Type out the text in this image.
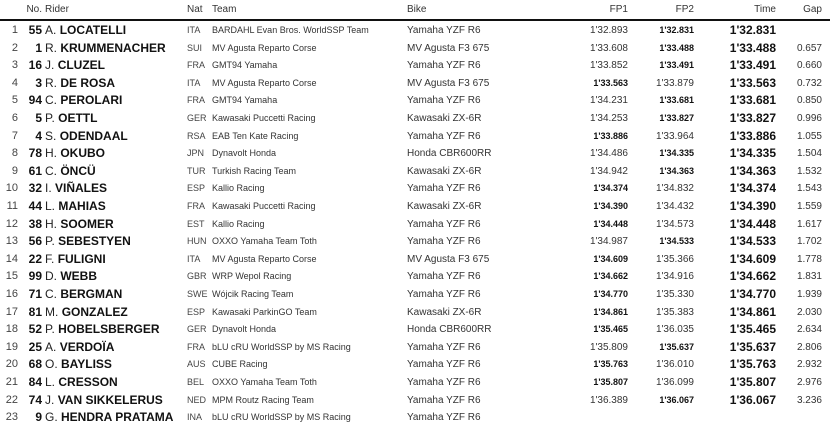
No. Rider	Nat Team	Bike	FP1	FP2	Time	Gap
1 55 A. LOCATELLI	ITA BARDAHL Evan Bros. WorldSSP Team	Yamaha YZF R6	1'32.893	1'32.831	1'32.831
2	1 R. KRUMMENACHER SUI MV Agusta Reparto Corse	MV Agusta F3 675	1'33.608	1'33.488	1'33.488	0.657
3 16 J. CLUZEL	FRA GMT94 Yamaha	Yamaha YZF R6	1'33.852	1'33.491	1'33.491	0.660
4	3 R. DE ROSA	ITA MV Agusta Reparto Corse	MV Agusta F3 675	1'33.563	1'33.879	1'33.563	0.732
5 94 C. PEROLARI	FRA GMT94 Yamaha	Yamaha YZF R6	1'34.231	1'33.681	1'33.681	0.850
6	5 P. OETTL	GER Kawasaki Puccetti Racing	Kawasaki ZX-6R	1'34.253	1'33.827	1'33.827	0.996
7	4 S. ODENDAAL	RSA EAB Ten Kate Racing	Yamaha YZF R6	1'33.886	1'33.964	1'33.886	1.055
8 78 H. OKUBO	JPN Dynavolt Honda	Honda CBR600RR	1'34.486	1'34.335	1'34.335	1.504
9 61 C. ÖNCÜ	TUR Turkish Racing Team	Kawasaki ZX-6R	1'34.942	1'34.363	1'34.363	1.532
10 32 I. VIÑALES	ESP Kallio Racing	Yamaha YZF R6	1'34.374	1'34.832	1'34.374	1.543
11 44 L. MAHIAS	FRA Kawasaki Puccetti Racing	Kawasaki ZX-6R	1'34.390	1'34.432	1'34.390	1.559
12 38 H. SOOMER	EST Kallio Racing	Yamaha YZF R6	1'34.448	1'34.573	1'34.448	1.617
13 56 P. SEBESTYEN	HUN OXXO Yamaha Team Toth	Yamaha YZF R6	1'34.987	1'34.533	1'34.533	1.702
14 22 F. FULIGNI	ITA MV Agusta Reparto Corse	MV Agusta F3 675	1'34.609	1'35.366	1'34.609	1.778
15 99 D. WEBB	GBR WRP Wepol Racing	Yamaha YZF R6	1'34.662	1'34.916	1'34.662	1.831
16 71 C. BERGMAN	SWE Wójcik Racing Team	Yamaha YZF R6	1'34.770	1'35.330	1'34.770	1.939
17 81 M. GONZALEZ	ESP Kawasaki ParkinGO Team	Kawasaki ZX-6R	1'34.861	1'35.383	1'34.861	2.030
18 52 P. HOBELSBERGER	GER Dynavolt Honda	Honda CBR600RR	1'35.465	1'36.035	1'35.465	2.634
19 25 A. VERDOÏA	FRA bLU cRU WorldSSP by MS Racing	Yamaha YZF R6	1'35.809	1'35.637	1'35.637	2.806
20 68 O. BAYLISS	AUS CUBE Racing	Yamaha YZF R6	1'35.763	1'36.010	1'35.763	2.932
21 84 L. CRESSON	BEL OXXO Yamaha Team Toth	Yamaha YZF R6	1'35.807	1'36.099	1'35.807	2.976
22 74 J. VAN SIKKELERUS	NED MPM Routz Racing Team	Yamaha YZF R6	1'36.389	1'36.067	1'36.067	3.236
23	9 G. HENDRA PRATAMA INA bLU cRU WorldSSP by MS Racing	Yamaha YZF R6
